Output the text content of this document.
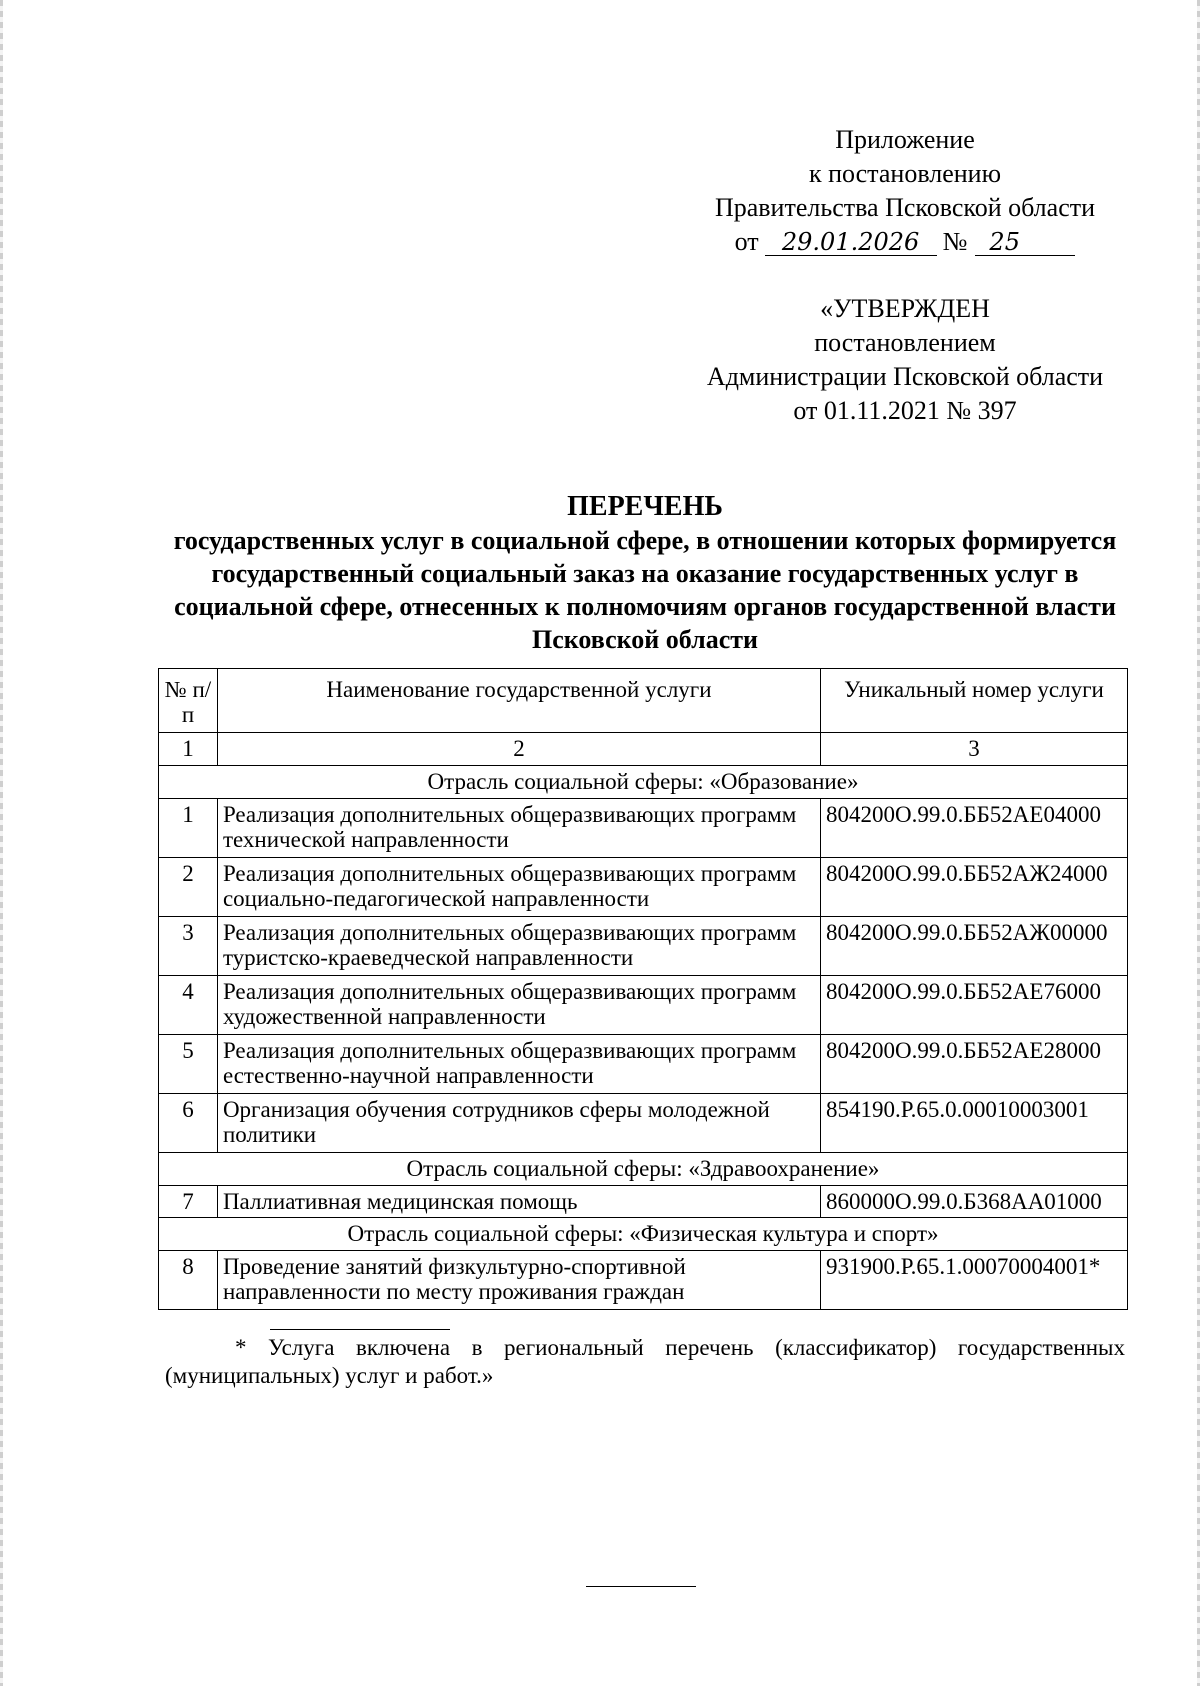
Приложение
к постановлению
Правительства Псковской области
от 29.01.2026 № 25
«УТВЕРЖДЕН
постановлением
Администрации Псковской области
от 01.11.2021 № 397
ПЕРЕЧЕНЬ
государственных услуг в социальной сфере, в отношении которых формируется государственный социальный заказ на оказание государственных услуг в социальной сфере, отнесенных к полномочиям органов государственной власти Псковской области
№ п/п	Наименование государственной услуги	Уникальный номер услуги
1	2	3
Отрасль социальной сферы: «Образование»		
1	Реализация дополнительных общеразвивающих программ технической направленности	804200О.99.0.ББ52АЕ04000
2	Реализация дополнительных общеразвивающих программ социально-педагогической направленности	804200О.99.0.ББ52АЖ24000
3	Реализация дополнительных общеразвивающих программ туристско-краеведческой направленности	804200О.99.0.ББ52АЖ00000
4	Реализация дополнительных общеразвивающих программ художественной направленности	804200О.99.0.ББ52АЕ76000
5	Реализация дополнительных общеразвивающих программ естественно-научной направленности	804200О.99.0.ББ52АЕ28000
6	Организация обучения сотрудников сферы молодежной политики	854190.Р.65.0.00010003001
Отрасль социальной сферы: «Здравоохранение»		
7	Паллиативная медицинская помощь	860000О.99.0.Б368АА01000
Отрасль социальной сферы: «Физическая культура и спорт»		
8	Проведение занятий физкультурно-спортивной направленности по месту проживания граждан	931900.Р.65.1.00070004001*
* Услуга включена в региональный перечень (классификатор) государственных (муниципальных) услуг и работ.»
